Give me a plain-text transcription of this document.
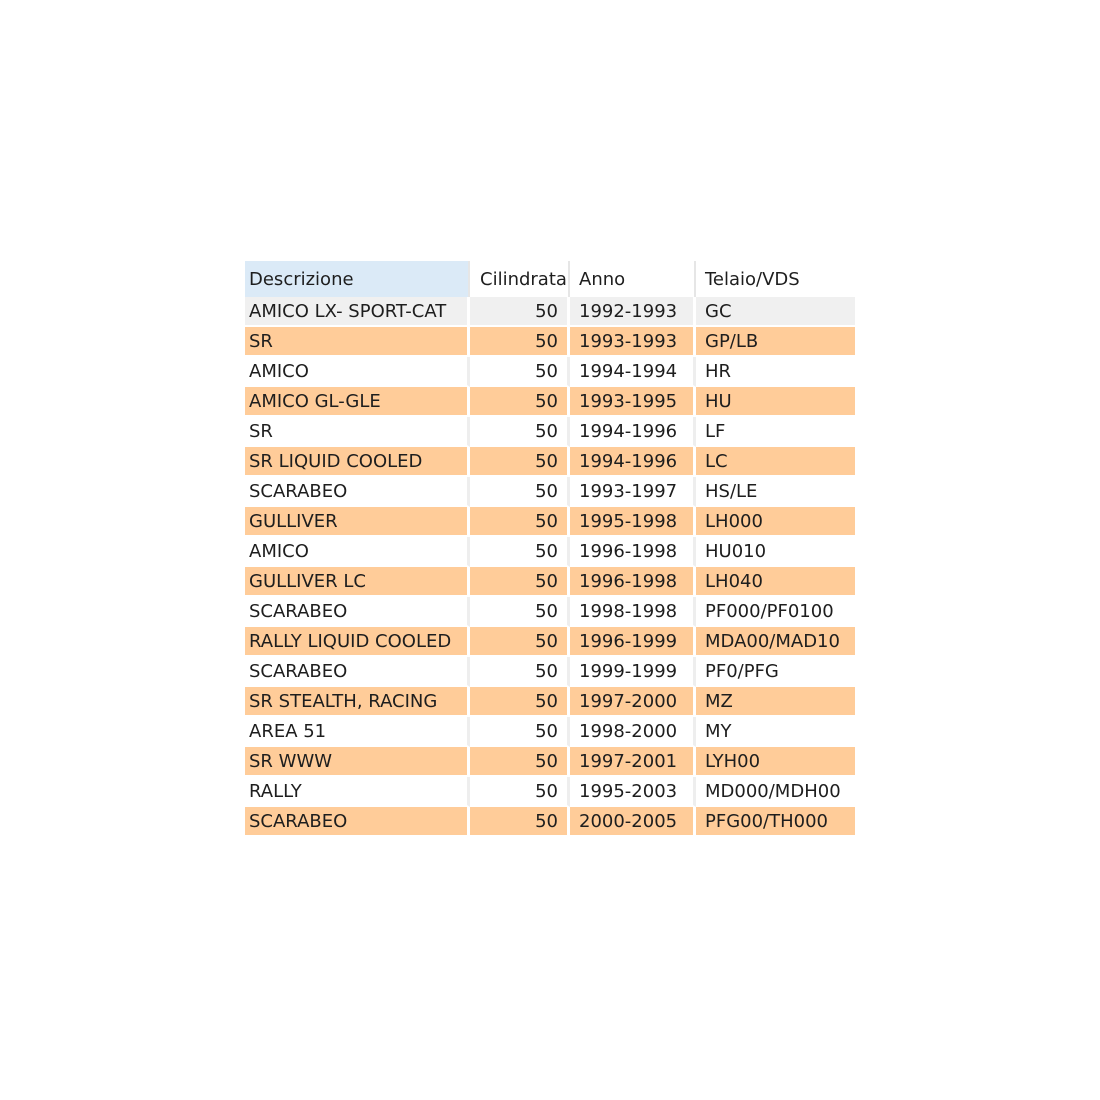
Descrizione	Cilindrata	Anno	Telaio/VDS
AMICO LX- SPORT-CAT	50	1992-1993	GC
SR	50	1993-1993	GP/LB
AMICO	50	1994-1994	HR
AMICO GL-GLE	50	1993-1995	HU
SR	50	1994-1996	LF
SR LIQUID COOLED	50	1994-1996	LC
SCARABEO	50	1993-1997	HS/LE
GULLIVER	50	1995-1998	LH000
AMICO	50	1996-1998	HU010
GULLIVER LC	50	1996-1998	LH040
SCARABEO	50	1998-1998	PF000/PF0100
RALLY LIQUID COOLED	50	1996-1999	MDA00/MAD10
SCARABEO	50	1999-1999	PF0/PFG
SR STEALTH, RACING	50	1997-2000	MZ
AREA 51	50	1998-2000	MY
SR WWW	50	1997-2001	LYH00
RALLY	50	1995-2003	MD000/MDH00
SCARABEO	50	2000-2005	PFG00/TH000
